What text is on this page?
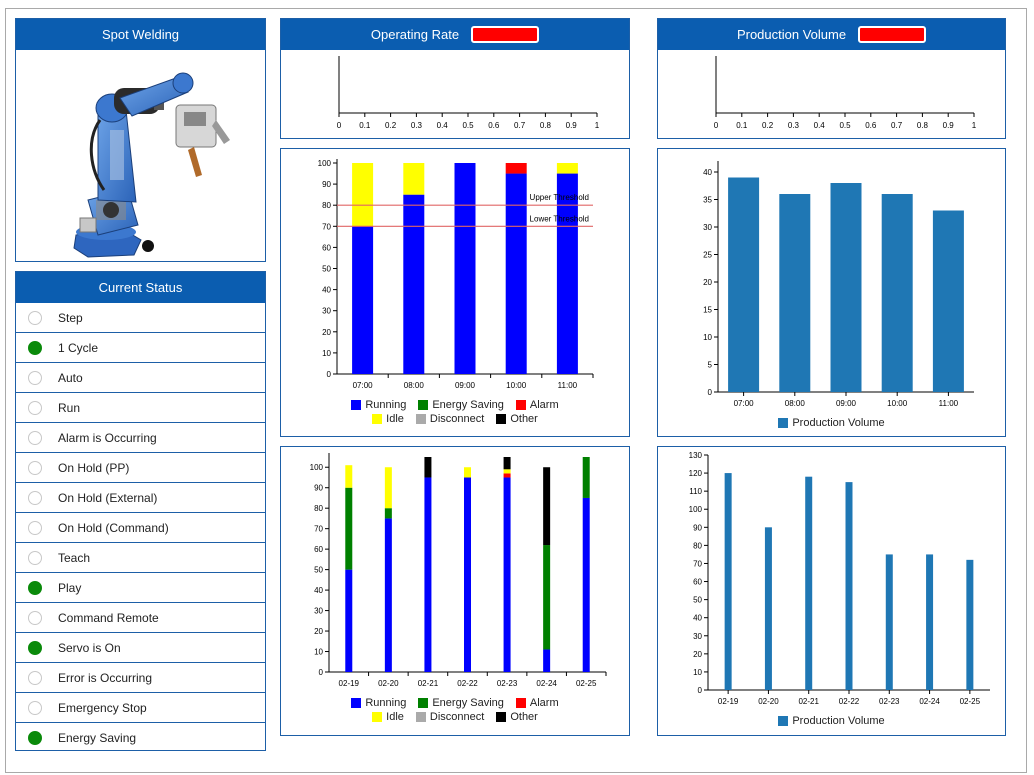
Spot Welding
Current Status
Step
1 Cycle
Auto
Run
Alarm is Occurring
On Hold (PP)
On Hold (External)
On Hold (Command)
Teach
Play
Command Remote
Servo is On
Error is Occurring
Emergency Stop
Energy Saving
Operating Rate
0 0.1 0.2 0.3 0.4 0.5 0.6 0.7 0.8 0.9 1
Production Volume
0 0.1 0.2 0.3 0.4 0.5 0.6 0.7 0.8 0.9 1
0
10
20
30
40
50
60
70
80
90
100
07:00	08:00	09:00	10:00	11:00
Upper Threshold
Lower Threshold
Running Energy Saving Alarm
Idle Disconnect Other
0
5
10
15
20
25
30
35
40
07:00	08:00	09:00	10:00	11:00
Production Volume
0
10
20
30
40
50
60
70
80
90
100
02-19 02-20 02-21 02-22 02-23 02-24 02-25
Running Energy Saving Alarm
Idle Disconnect Other
0
10
20
30
40
50
60
70
80
90
100
110
120
130
02-19 02-20 02-21 02-22 02-23 02-24 02-25
Production Volume
